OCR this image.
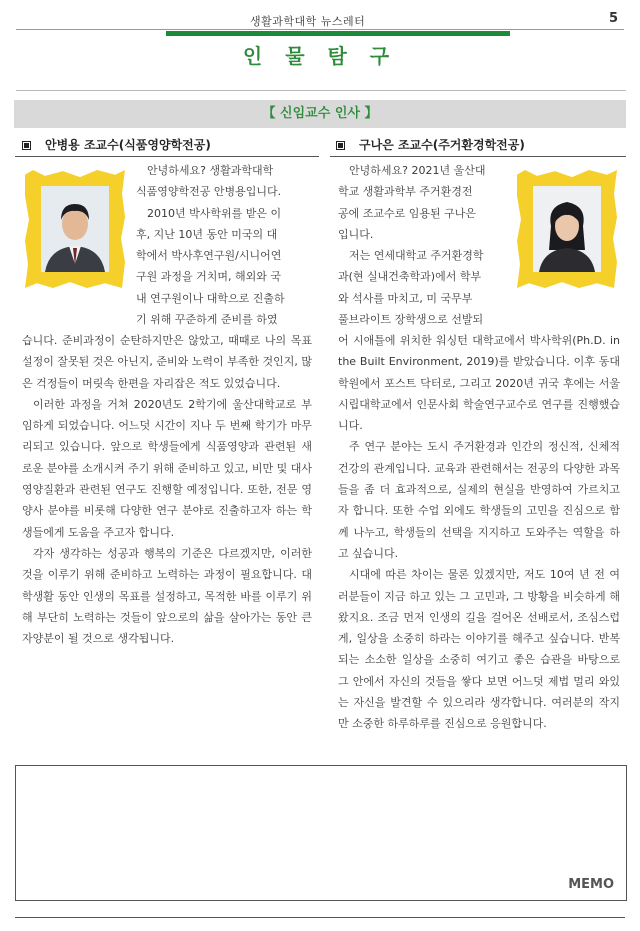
생활과학대학 뉴스레터	5
인 물 탐 구
【 신임교수 인사 】
안병용 조교수(식품영양학전공)	구나은 조교수(주거환경학전공)

안녕하세요? 생활과학대학

식품영양학전공 안병용입니다.

2010년 박사학위를 받은 이

후, 지난 10년 동안 미국의 대

학에서 박사후연구원/시니어연

구원 과정을 거치며, 해외와 국

내 연구원이나 대학으로 진출하

기 위해 꾸준하게 준비를 하였

습니다. 준비과정이 순탄하지만은 않았고, 때때로 나의 목표설정이 잘못된 것은 아닌지, 준비와 노력이 부족한 것인지, 많은 걱정들이 머릿속 한편을 자리잡은 적도 있었습니다.

이러한 과정을 거쳐 2020년도 2학기에 울산대학교로 부임하게 되었습니다. 어느덧 시간이 지나 두 번째 학기가 마무리되고 있습니다. 앞으로 학생들에게 식품영양과 관련된 새로운 분야를 소개시켜 주기 위해 준비하고 있고, 비만 및 대사영양질환과 관련된 연구도 진행할 예정입니다. 또한, 전문 영양사 분야를 비롯해 다양한 연구 분야로 진출하고자 하는 학생들에게 도움을 주고자 합니다.

각자 생각하는 성공과 행복의 기준은 다르겠지만, 이러한 것을 이루기 위해 준비하고 노력하는 과정이 필요합니다. 대학생활 동안 인생의 목표를 설정하고, 목적한 바를 이루기 위해 부단히 노력하는 것들이 앞으로의 삶을 살아가는 동안 큰 자양분이 될 것으로 생각됩니다.

안녕하세요? 2021년 울산대

학교 생활과학부 주거환경전

공에 조교수로 임용된 구나은

입니다.

저는 연세대학교 주거환경학

과(현 실내건축학과)에서 학부

와 석사를 마치고, 미 국무부

풀브라이트 장학생으로 선발되

어 시애틀에 위치한 워싱턴 대학교에서 박사학위(Ph.D. in the Built Environment, 2019)를 받았습니다. 이후 동대학원에서 포스트 닥터로, 그리고 2020년 귀국 후에는 서울시립대학교에서 인문사회 학술연구교수로 연구를 진행했습니다.

주 연구 분야는 도시 주거환경과 인간의 정신적, 신체적 건강의 관계입니다. 교육과 관련해서는 전공의 다양한 과목들을 좀 더 효과적으로, 실제의 현실을 반영하여 가르치고자 합니다. 또한 수업 외에도 학생들의 고민을 진심으로 함께 나누고, 학생들의 선택을 지지하고 도와주는 역할을 하고 싶습니다.

시대에 따른 차이는 물론 있겠지만, 저도 10여 년 전 여러분들이 지금 하고 있는 그 고민과, 그 방황을 비슷하게 해왔지요. 조금 먼저 인생의 길을 걸어온 선배로서, 조심스럽게, 일상을 소중히 하라는 이야기를 해주고 싶습니다. 반복되는 소소한 일상을 소중히 여기고 좋은 습관을 바탕으로 그 안에서 자신의 것들을 쌓다 보면 어느덧 제법 멀리 와있는 자신을 발견할 수 있으리라 생각합니다. 여러분의 작지만 소중한 하루하루를 진심으로 응원합니다.

MEMO
